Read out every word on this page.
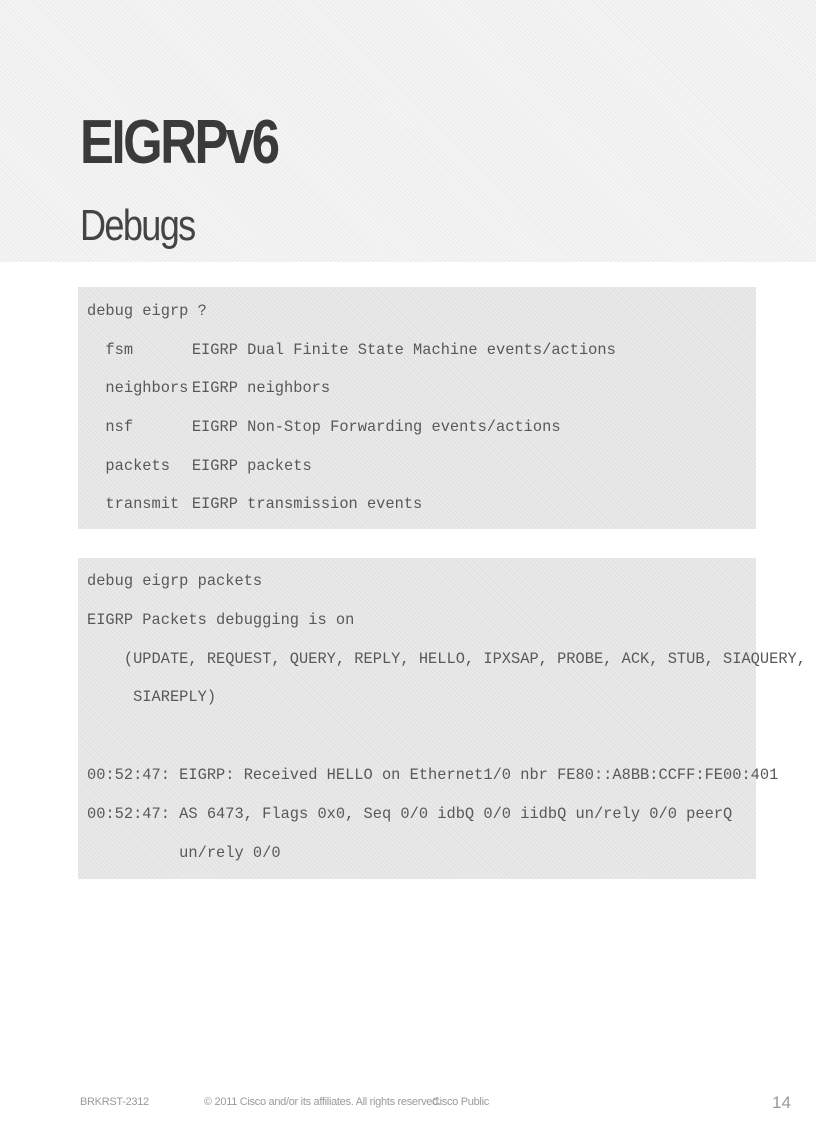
EIGRPv6
Debugs
debug eigrp ?
fsm	EIGRP Dual Finite State Machine events/actions
neighbors EIGRP neighbors
nsf	EIGRP Non-Stop Forwarding events/actions
packets EIGRP packets
transmit EIGRP transmission events
debug eigrp packets
EIGRP Packets debugging is on
(UPDATE, REQUEST, QUERY, REPLY, HELLO, IPXSAP, PROBE, ACK, STUB, SIAQUERY,
SIAREPLY)
00:52:47: EIGRP: Received HELLO on Ethernet1/0 nbr FE80::A8BB:CCFF:FE00:401
00:52:47: AS 6473, Flags 0x0, Seq 0/0 idbQ 0/0 iidbQ un/rely 0/0 peerQ
un/rely 0/0
BRKRST-2312	© 2011 Cisco and/or its affiliates. All rights reserved.
Cisco Public	14
